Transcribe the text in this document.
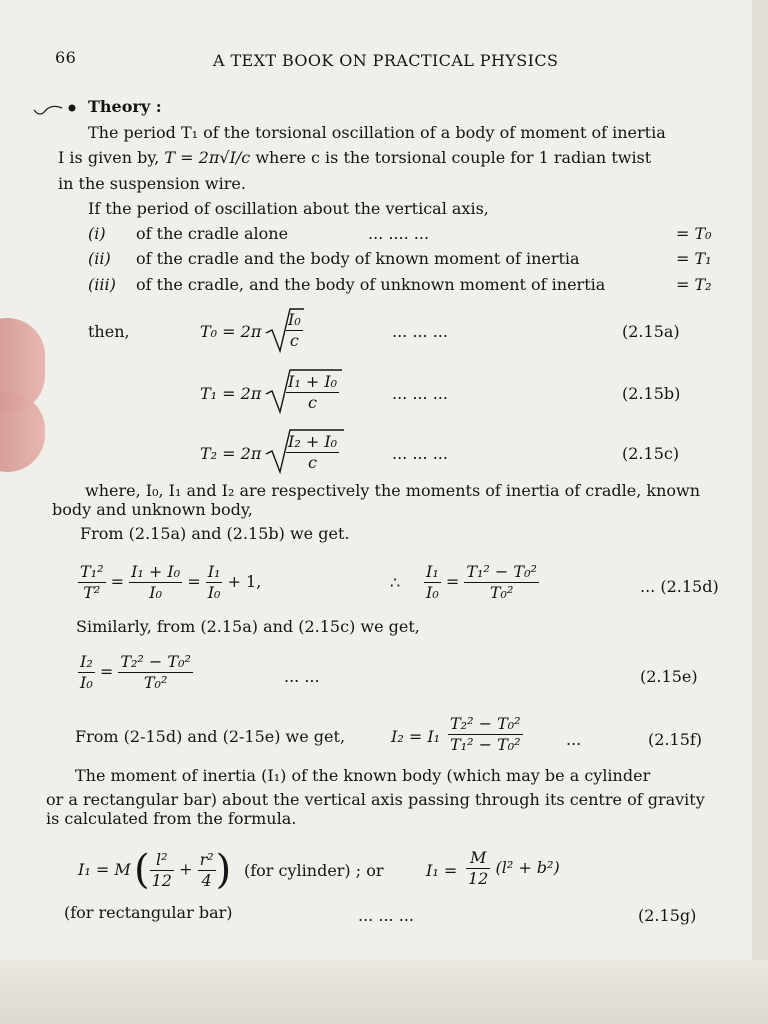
66	A TEXT BOOK ON PRACTICAL PHYSICS
Theory :
The period T₁ of the torsional oscillation of a body of moment of inertia
I is given by, T = 2π√I/c where c is the torsional couple for 1 radian twist
in the suspension wire.
If the period of oscillation about the vertical axis,
(i) of the cradle alone	... .... ...	= T₀
(ii) of the cradle and the body of known moment of inertia	= T₁
(iii) of the cradle, and the body of unknown moment of inertia	= T₂
then,	$T_0 = 2\pi \frac{\text{I₀}}{c}$	... ... ...	(2.15a)
$T_1 = 2\pi \frac{\text{I₁ + I₀}}{c}$	... ... ...	(2.15b)
$T_2 = 2\pi \frac{\text{I₂ + I₀}}{c}$	... ... ...	(2.15c)
where, I₀, I₁ and I₂ are respectively the moments of inertia of cradle, known
body and unknown body,
From (2.15a) and (2.15b) we get.
$\frac{\text{T₁²}}{\text{T²}} = \frac{\text{I₁ + I₀}}{\text{I₀}} = \frac{\text{I₁}}{\text{I₀}} + 1$,	∴ $\frac{\text{I₁}}{\text{I₀}} = \frac{\text{T₁² − T₀²}}{\text{T₀²}}$	... (2.15d)
Similarly, from (2.15a) and (2.15c) we get,
$\frac{\text{I₂}}{\text{I₀}} = \frac{\text{T₂² − T₀²}}{\text{T₀²}}$	... ...	(2.15e)
From (2-15d) and (2-15e) we get,	$I_2 = I_1 \frac{\text{T₂² − T₀²}}{\text{T₁² − T₀²}}$	...	(2.15f)
The moment of inertia (I₁) of the known body (which may be a cylinder
or a rectangular bar) about the vertical axis passing through its centre of gravity
is calculated from the formula.
I₁ = M ( $\frac{\text{l²}}{12} + \frac{\text{r²}}{4}$ ) (for cylinder) ; or	$I_1 = \frac{M}{12} (l^2 + b^2)$
(for rectangular bar)	... ... ...	(2.15g)
